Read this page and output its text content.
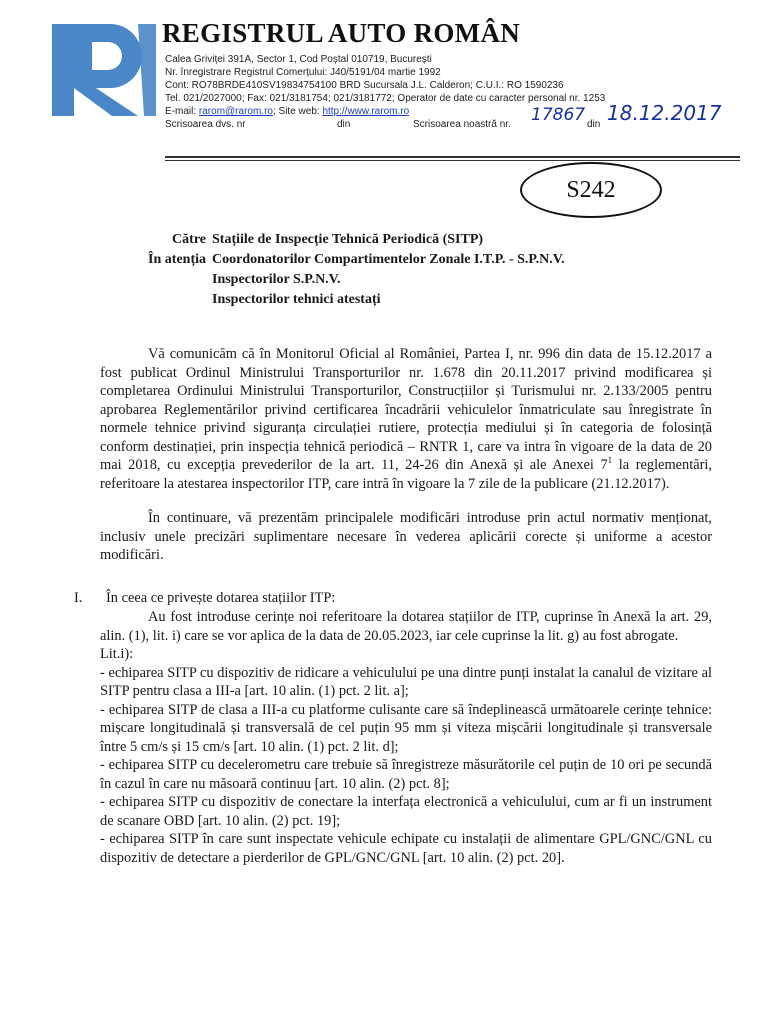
REGISTRUL AUTO ROMÂN
Calea Griviței 391A, Sector 1, Cod Poștal 010719, București
Nr. înregistrare Registrul Comerțului: J40/5191/04 martie 1992
Cont: RO78BRDE410SV19834754100 BRD Sucursala J.L. Calderon; C.U.I.: RO 1590236
Tel. 021/2027000; Fax: 021/3181754; 021/3181772; Operator de date cu caracter personal nr. 1253
E-mail: rarom@rarom.ro; Site web: http://www.rarom.ro
Scrisoarea dvs. nr	din	Scrisoarea noastră nr. 17867 din 18.12.2017
S242
Către Stațiile de Inspecție Tehnică Periodică (SITP)
În atenția Coordonatorilor Compartimentelor Zonale I.T.P. - S.P.N.V.
Inspectorilor S.P.N.V.
Inspectorilor tehnici atestați

Vă comunicăm că în Monitorul Oficial al României, Partea I, nr. 996 din data de 15.12.2017 a fost publicat Ordinul Ministrului Transporturilor nr. 1.678 din 20.11.2017 privind modificarea și completarea Ordinului Ministrului Transporturilor, Construcțiilor și Turismului nr. 2.133/2005 pentru aprobarea Reglementărilor privind certificarea încadrării vehiculelor înmatriculate sau înregistrate în normele tehnice privind siguranța circulației rutiere, protecția mediului și în categoria de folosință conform destinației, prin inspecția tehnică periodică – RNTR 1, care va intra în vigoare de la data de 20 mai 2018, cu excepția prevederilor de la art. 11, 24-26 din Anexă și ale Anexei $7^1$ la reglementări, referitoare la atestarea inspectorilor ITP, care intră în vigoare la 7 zile de la publicare (21.12.2017).

În continuare, vă prezentăm principalele modificări introduse prin actul normativ menționat, inclusiv unele precizări suplimentare necesare în vederea aplicării corecte și uniforme a acestor modificări.

I. În ceea ce privește dotarea stațiilor ITP:

Au fost introduse cerințe noi referitoare la dotarea stațiilor de ITP, cuprinse în Anexă la art. 29, alin. (1), lit. i) care se vor aplica de la data de 20.05.2023, iar cele cuprinse la lit. g) au fost abrogate.

Lit.i):

- echiparea SITP cu dispozitiv de ridicare a vehiculului pe una dintre punți instalat la canalul de vizitare al SITP pentru clasa a III-a [art. 10 alin. (1) pct. 2 lit. a];

- echiparea SITP de clasa a III-a cu platforme culisante care să îndeplinească următoarele cerințe tehnice: mișcare longitudinală și transversală de cel puțin 95 mm și viteza mișcării longitudinale și transversale între 5 cm/s și 15 cm/s [art. 10 alin. (1) pct. 2 lit. d];

- echiparea SITP cu decelerometru care trebuie să înregistreze măsurătorile cel puțin de 10 ori pe secundă în cazul în care nu măsoară continuu [art. 10 alin. (2) pct. 8];

- echiparea SITP cu dispozitiv de conectare la interfața electronică a vehiculului, cum ar fi un instrument de scanare OBD [art. 10 alin. (2) pct. 19];

- echiparea SITP în care sunt inspectate vehicule echipate cu instalații de alimentare GPL/GNC/GNL cu dispozitiv de detectare a pierderilor de GPL/GNC/GNL [art. 10 alin. (2) pct. 20].
